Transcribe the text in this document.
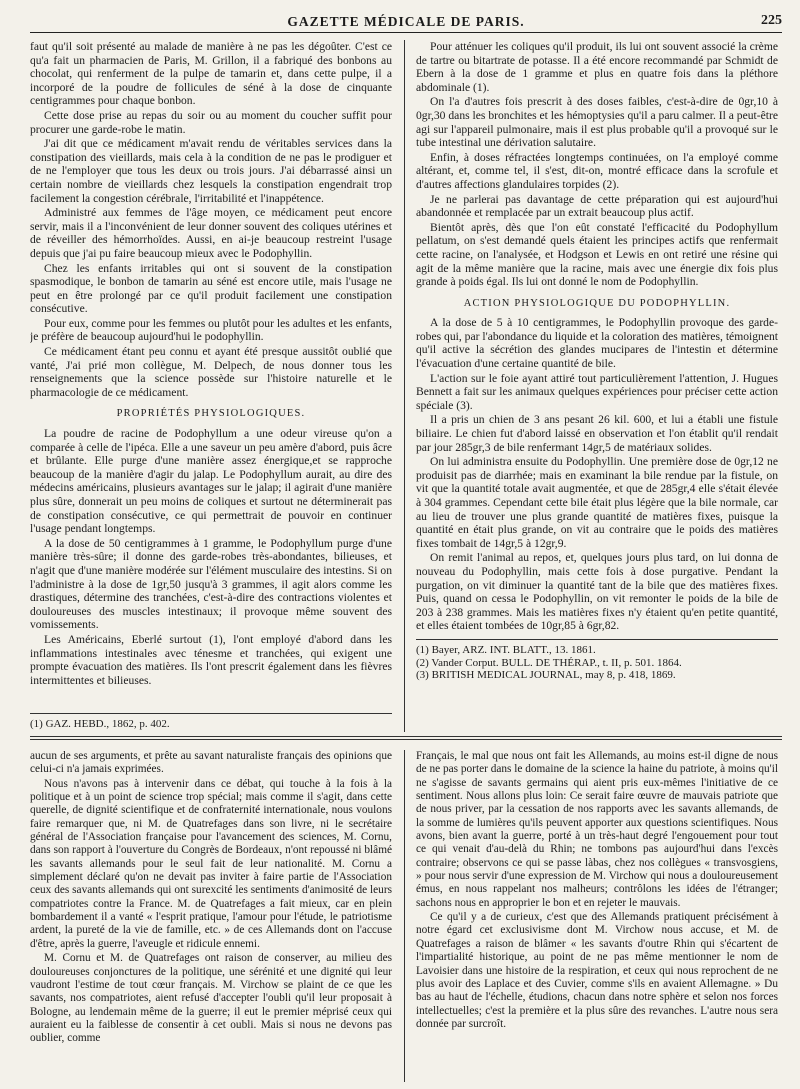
GAZETTE MÉDICALE DE PARIS.	225

faut qu'il soit présenté au malade de manière à ne pas les dégoûter. C'est ce qu'a fait un pharmacien de Paris, M. Grillon, il a fabriqué des bonbons au chocolat, qui renferment de la pulpe de tamarin et, dans cette pulpe, il a incorporé de la poudre de follicules de séné à la dose de cinquante centigrammes pour chaque bonbon.

Cette dose prise au repas du soir ou au moment du coucher suffit pour procurer une garde-robe le matin.

J'ai dit que ce médicament m'avait rendu de véritables services dans la constipation des vieillards, mais cela à la condition de ne pas le prodiguer et de ne l'employer que tous les deux ou trois jours. J'ai débarrassé ainsi un certain nombre de vieillards chez lesquels la constipation engendrait trop facilement la congestion cérébrale, l'irritabilité et l'inappétence.

Administré aux femmes de l'âge moyen, ce médicament peut encore servir, mais il a l'inconvénient de leur donner souvent des coliques utérines et de réveiller des hémorrhoïdes. Aussi, en ai-je beaucoup restreint l'usage depuis que j'ai pu faire beaucoup mieux avec le Podophyllin.

Chez les enfants irritables qui ont si souvent de la constipation spasmodique, le bonbon de tamarin au séné est encore utile, mais l'usage ne peut en être prolongé par ce qu'il produit facilement une constipation consécutive.

Pour eux, comme pour les femmes ou plutôt pour les adultes et les enfants, je préfère de beaucoup aujourd'hui le podophyllin.

Ce médicament étant peu connu et ayant été presque aussitôt oublié que vanté, J'ai prié mon collègue, M. Delpech, de nous donner tous les renseignements que la science possède sur l'histoire naturelle et le pharmacologie de ce médicament.

PROPRIÉTÉS PHYSIOLOGIQUES.

La poudre de racine de Podophyllum a une odeur vireuse qu'on a comparée à celle de l'ipéca. Elle a une saveur un peu amère d'abord, puis âcre et brûlante. Elle purge d'une manière assez énergique,et se rapproche beaucoup de la manière d'agir du jalap. Le Podophyllum aurait, au dire des médecins américains, plusieurs avantages sur le jalap; il agirait d'une manière plus sûre, donnerait un peu moins de coliques et surtout ne déterminerait pas de constipation consécutive, ce qui permettrait de pouvoir en continuer l'usage pendant longtemps.

A la dose de 50 centigrammes à 1 gramme, le Podophyllum purge d'une manière très-sûre; il donne des garde-robes très-abondantes, bilieuses, et n'agit que d'une manière modérée sur l'élément musculaire des intestins. Si on l'administre à la dose de 1gr,50 jusqu'à 3 grammes, il agit alors comme les drastiques, détermine des tranchées, c'est-à-dire des contractions violentes et douloureuses des muscles intestinaux; il provoque même souvent des vomissements.

Les Américains, Eberlé surtout (1), l'ont employé d'abord dans les inflammations intestinales avec ténesme et tranchées, qui exigent une prompte évacuation des matières. Ils l'ont prescrit également dans les fièvres intermittentes et bilieuses.

(1) GAZ. HEBD., 1862, p. 402.

Pour atténuer les coliques qu'il produit, ils lui ont souvent associé la crème de tartre ou bitartrate de potasse. Il a été encore recommandé par Schmidt de Ebern à la dose de 1 gramme et plus en quatre fois dans la pléthore abdominale (1).

On l'a d'autres fois prescrit à des doses faibles, c'est-à-dire de 0gr,10 à 0gr,30 dans les bronchites et les hémoptysies qu'il a paru calmer. Il a peut-être agi sur l'appareil pulmonaire, mais il est plus probable qu'il a provoqué sur le tube intestinal une dérivation salutaire.

Enfin, à doses réfractées longtemps continuées, on l'a employé comme altérant, et, comme tel, il s'est, dit-on, montré efficace dans la scrofule et d'autres affections glandulaires torpides (2).

Je ne parlerai pas davantage de cette préparation qui est aujourd'hui abandonnée et remplacée par un extrait beaucoup plus actif.

Bientôt après, dès que l'on eût constaté l'efficacité du Podophyllum pellatum, on s'est demandé quels étaient les principes actifs que renfermait cette racine, on l'analysée, et Hodgson et Lewis en ont retiré une résine qui agit de la même manière que la racine, mais avec une énergie dix fois plus grande à poids égal. Ils lui ont donné le nom de Podophyllin.

ACTION PHYSIOLOGIQUE DU PODOPHYLLIN.

A la dose de 5 à 10 centigrammes, le Podophyllin provoque des garde-robes qui, par l'abondance du liquide et la coloration des matières, témoignent qu'il active la sécrétion des glandes mucipares de l'intestin et détermine l'évacuation d'une certaine quantité de bile.

L'action sur le foie ayant attiré tout particulièrement l'attention, J. Hugues Bennett a fait sur les animaux quelques expériences pour préciser cette action spéciale (3).

Il a pris un chien de 3 ans pesant 26 kil. 600, et lui a établi une fistule biliaire. Le chien fut d'abord laissé en observation et l'on établit qu'il rendait par jour 285gr,3 de bile renfermant 14gr,5 de matériaux solides.

On lui administra ensuite du Podophyllin. Une première dose de 0gr,12 ne produisit pas de diarrhée; mais en examinant la bile rendue par la fistule, on vit que la quantité totale avait augmentée, et que de 285gr,4 elle s'était élevée à 304 grammes. Cependant cette bile était plus légère que la bile normale, car au lieu de trouver une plus grande quantité de matières fixes, puisque la quantité en était plus grande, on vit au contraire que le poids des matières fixes tombait de 14gr,5 à 12gr,9.

On remit l'animal au repos, et, quelques jours plus tard, on lui donna de nouveau du Podophyllin, mais cette fois à dose purgative. Pendant la purgation, on vit diminuer la quantité tant de la bile que des matières fixes. Puis, quand on cessa le Podophyllin, on vit remonter le poids de la bile de 203 à 238 grammes. Mais les matières fixes n'y étaient qu'en petite quantité, et elles étaient tombées de 10gr,85 à 6gr,82.

(1) Bayer, ARZ. INT. BLATT., 13. 1861.
(2) Vander Corput. BULL. DE THÉRAP., t. II, p. 501. 1864.
(3) BRITISH MEDICAL JOURNAL, may 8, p. 418, 1869.

aucun de ses arguments, et prête au savant naturaliste français des opinions que celui-ci n'a jamais exprimées.

Nous n'avons pas à intervenir dans ce débat, qui touche à la fois à la politique et à un point de science trop spécial; mais comme il s'agit, dans cette querelle, de dignité scientifique et de confraternité internationale, nous voulons faire remarquer que, ni M. de Quatrefages dans son livre, ni le secrétaire général de l'Association française pour l'avancement des sciences, M. Cornu, dans son rapport à l'ouverture du Congrès de Bordeaux, n'ont repoussé ni blâmé les savants allemands pour le seul fait de leur nationalité. M. Cornu a simplement déclaré qu'on ne devait pas inviter à faire partie de l'Association ceux des savants allemands qui ont surexcité les sentiments d'animosité de leurs compatriotes contre la France. M. de Quatrefages a fait mieux, car en plein bombardement il a vanté « l'esprit pratique, l'amour pour l'étude, le patriotisme ardent, la pureté de la vie de famille, etc. » de ces Allemands dont on l'accuse d'être, après la guerre, l'aveugle et ridicule ennemi.

M. Cornu et M. de Quatrefages ont raison de conserver, au milieu des douloureuses conjonctures de la politique, une sérénité et une dignité qui leur vaudront l'estime de tout cœur français. M. Virchow se plaint de ce que les savants, nos compatriotes, aient refusé d'accepter l'oubli qu'il leur proposait à Bologne, au lendemain même de la guerre; il eut le premier méprisé ceux qui auraient eu la faiblesse de consentir à cet oubli. Mais si nous ne devons pas oublier, comme

Français, le mal que nous ont fait les Allemands, au moins est-il digne de nous de ne pas porter dans le domaine de la science la haine du patriote, à moins qu'il ne s'agisse de savants germains qui aient pris eux-mêmes l'initiative de ce sentiment. Nous allons plus loin: Ce serait faire œuvre de mauvais patriote que de nous priver, par la cessation de nos rapports avec les savants allemands, de la somme de lumières qu'ils peuvent apporter aux questions scientifiques. Nous avons, bien avant la guerre, porté à un très-haut degré l'engouement pour tout ce qui venait d'au-delà du Rhin; ne tombons pas aujourd'hui dans l'excès contraire; observons ce qui se passe làbas, chez nos collègues « transvosgiens, » pour nous servir d'une expression de M. Virchow qui nous a douloureusement émus, en nous rappelant nos malheurs; contrôlons les idées de l'étranger; sachons nous en approprier le bon et en rejeter le mauvais.

Ce qu'il y a de curieux, c'est que des Allemands pratiquent précisément à notre égard cet exclusivisme dont M. Virchow nous accuse, et M. de Quatrefages a raison de blâmer « les savants d'outre Rhin qui s'écartent de l'impartialité historique, au point de ne pas même mentionner le nom de Lavoisier dans une histoire de la respiration, et ceux qui nous reprochent de ne plus avoir des Laplace et des Cuvier, comme s'ils en avaient Allemagne. » Du bas au haut de l'échelle, étudions, chacun dans notre sphère et selon nos forces intellectuelles; c'est la première et la plus sûre des revanches. L'autre nous sera donnée par surcroît.
